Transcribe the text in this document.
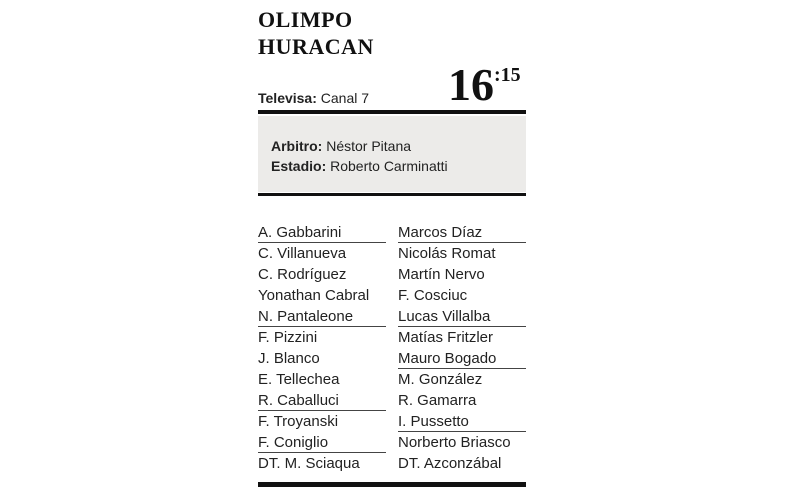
OLIMPO
HURACAN
Televisa: Canal 7 16:15
Arbitro: Néstor Pitana
Estadio: Roberto Carminatti
A. Gabbarini
C. Villanueva
C. Rodríguez
Yonathan Cabral
N. Pantaleone
F. Pizzini
J. Blanco
E. Tellechea
R. Caballuci
F. Troyanski
F. Coniglio
DT. M. Sciaqua
Marcos Díaz
Nicolás Romat
Martín Nervo
F. Cosciuc
Lucas Villalba
Matías Fritzler
Mauro Bogado
M. González
R. Gamarra
I. Pussetto
Norberto Briasco
DT. Azconzábal
